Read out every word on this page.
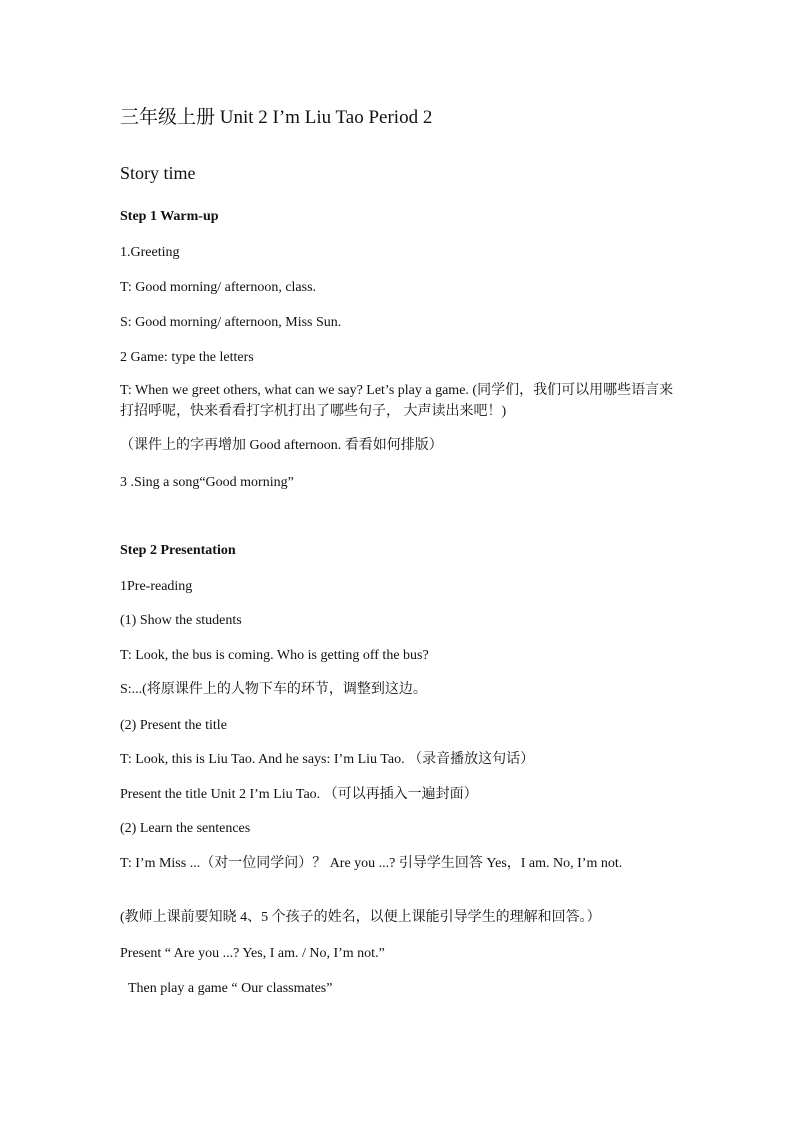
三年级上册 Unit 2 I’m Liu Tao Period 2
Story time
Step 1 Warm-up
1.Greeting
T: Good morning/ afternoon, class.
S: Good morning/ afternoon, Miss Sun.
2 Game: type the letters
T: When we greet others, what can we say? Let’s play a game. (同学们，我们可以用哪些语言来打招呼呢，快来看看打字机打出了哪些句子， 大声读出来吧！)
（课件上的字再增加 Good afternoon. 看看如何排版）
3 .Sing a song“Good morning”
Step 2 Presentation
1Pre-reading
(1) Show the students
T: Look, the bus is coming. Who is getting off the bus?
S:...(将原课件上的人物下车的环节，调整到这边。
(2) Present the title
T: Look, this is Liu Tao. And he says: I’m Liu Tao. （录音播放这句话）
Present the title Unit 2 I’m Liu Tao. （可以再插入一遍封面）
(2) Learn the sentences
T: I’m Miss ...（对一位同学问）？ Are you ...? 引导学生回答 Yes，I am. No, I’m not.
(教师上课前要知晓 4、5 个孩子的姓名，以便上课能引导学生的理解和回答。）
Present “ Are you ...? Yes, I am. / No, I’m not.”
Then play a game “ Our classmates”
